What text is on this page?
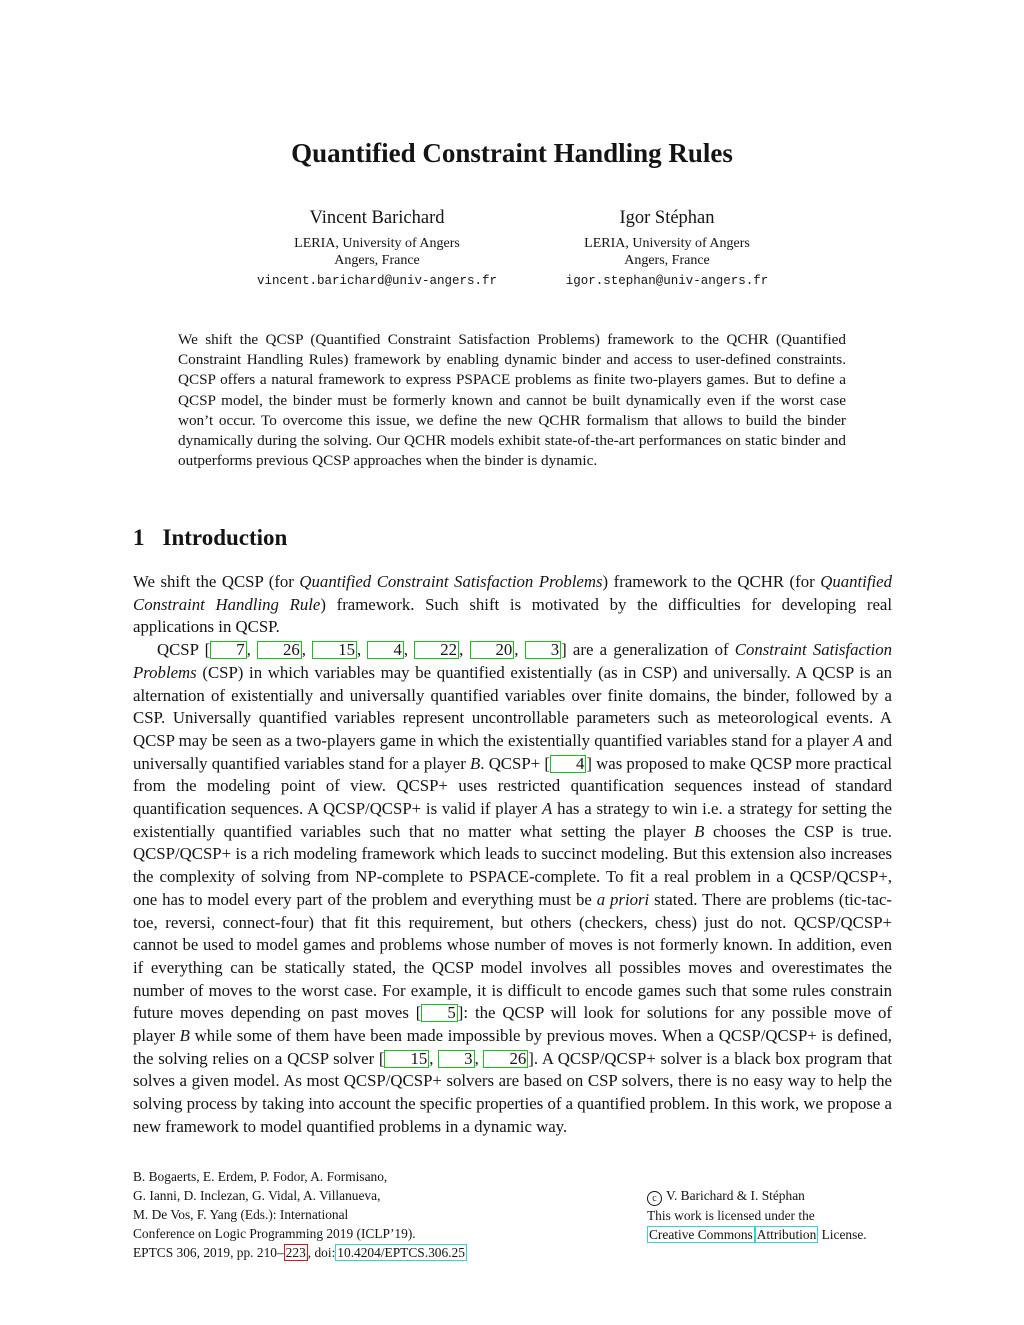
Quantified Constraint Handling Rules
Vincent Barichard
LERIA, University of Angers
Angers, France
vincent.barichard@univ-angers.fr
Igor Stéphan
LERIA, University of Angers
Angers, France
igor.stephan@univ-angers.fr

We shift the QCSP (Quantified Constraint Satisfaction Problems) framework to the QCHR (Quantified Constraint Handling Rules) framework by enabling dynamic binder and access to user-defined constraints. QCSP offers a natural framework to express PSPACE problems as finite two-players games. But to define a QCSP model, the binder must be formerly known and cannot be built dynamically even if the worst case won’t occur. To overcome this issue, we define the new QCHR formalism that allows to build the binder dynamically during the solving. Our QCHR models exhibit state-of-the-art performances on static binder and outperforms previous QCSP approaches when the binder is dynamic.

1 Introduction

We shift the QCSP (for Quantified Constraint Satisfaction Problems) framework to the QCHR (for Quantified Constraint Handling Rule) framework. Such shift is motivated by the difficulties for developing real applications in QCSP.

QCSP [ 7 , 26 , 15 , 4 , 22 , 20 , 3 ] are a generalization of Constraint Satisfaction Problems (CSP) in which variables may be quantified existentially (as in CSP) and universally. A QCSP is an alternation of existentially and universally quantified variables over finite domains, the binder, followed by a CSP. Universally quantified variables represent uncontrollable parameters such as meteorological events. A QCSP may be seen as a two-players game in which the existentially quantified variables stand for a player A and universally quantified variables stand for a player B. QCSP+ [ 4 ] was proposed to make QCSP more practical from the modeling point of view. QCSP+ uses restricted quantification sequences instead of standard quantification sequences. A QCSP/QCSP+ is valid if player A has a strategy to win i.e. a strategy for setting the existentially quantified variables such that no matter what setting the player B chooses the CSP is true. QCSP/QCSP+ is a rich modeling framework which leads to succinct modeling. But this extension also increases the complexity of solving from NP-complete to PSPACE-complete. To fit a real problem in a QCSP/QCSP+, one has to model every part of the problem and everything must be a priori stated. There are problems (tic-tac-toe, reversi, connect-four) that fit this requirement, but others (checkers, chess) just do not. QCSP/QCSP+ cannot be used to model games and problems whose number of moves is not formerly known. In addition, even if everything can be statically stated, the QCSP model involves all possibles moves and overestimates the number of moves to the worst case. For example, it is difficult to encode games such that some rules constrain future moves depending on past moves [ 5 ]: the QCSP will look for solutions for any possible move of player B while some of them have been made impossible by previous moves. When a QCSP/QCSP+ is defined, the solving relies on a QCSP solver [ 15 , 3 , 26 ]. A QCSP/QCSP+ solver is a black box program that solves a given model. As most QCSP/QCSP+ solvers are based on CSP solvers, there is no easy way to help the solving process by taking into account the specific properties of a quantified problem. In this work, we propose a new framework to model quantified problems in a dynamic way.

B. Bogaerts, E. Erdem, P. Fodor, A. Formisano,
G. Ianni, D. Inclezan, G. Vidal, A. Villanueva,
M. De Vos, F. Yang (Eds.): International
Conference on Logic Programming 2019 (ICLP’19).
EPTCS 306, 2019, pp. 210– 223 , doi: 10.4204/EPTCS.306.25
c V. Barichard & I. Stéphan
This work is licensed under the
Creative Commons Attribution License.
